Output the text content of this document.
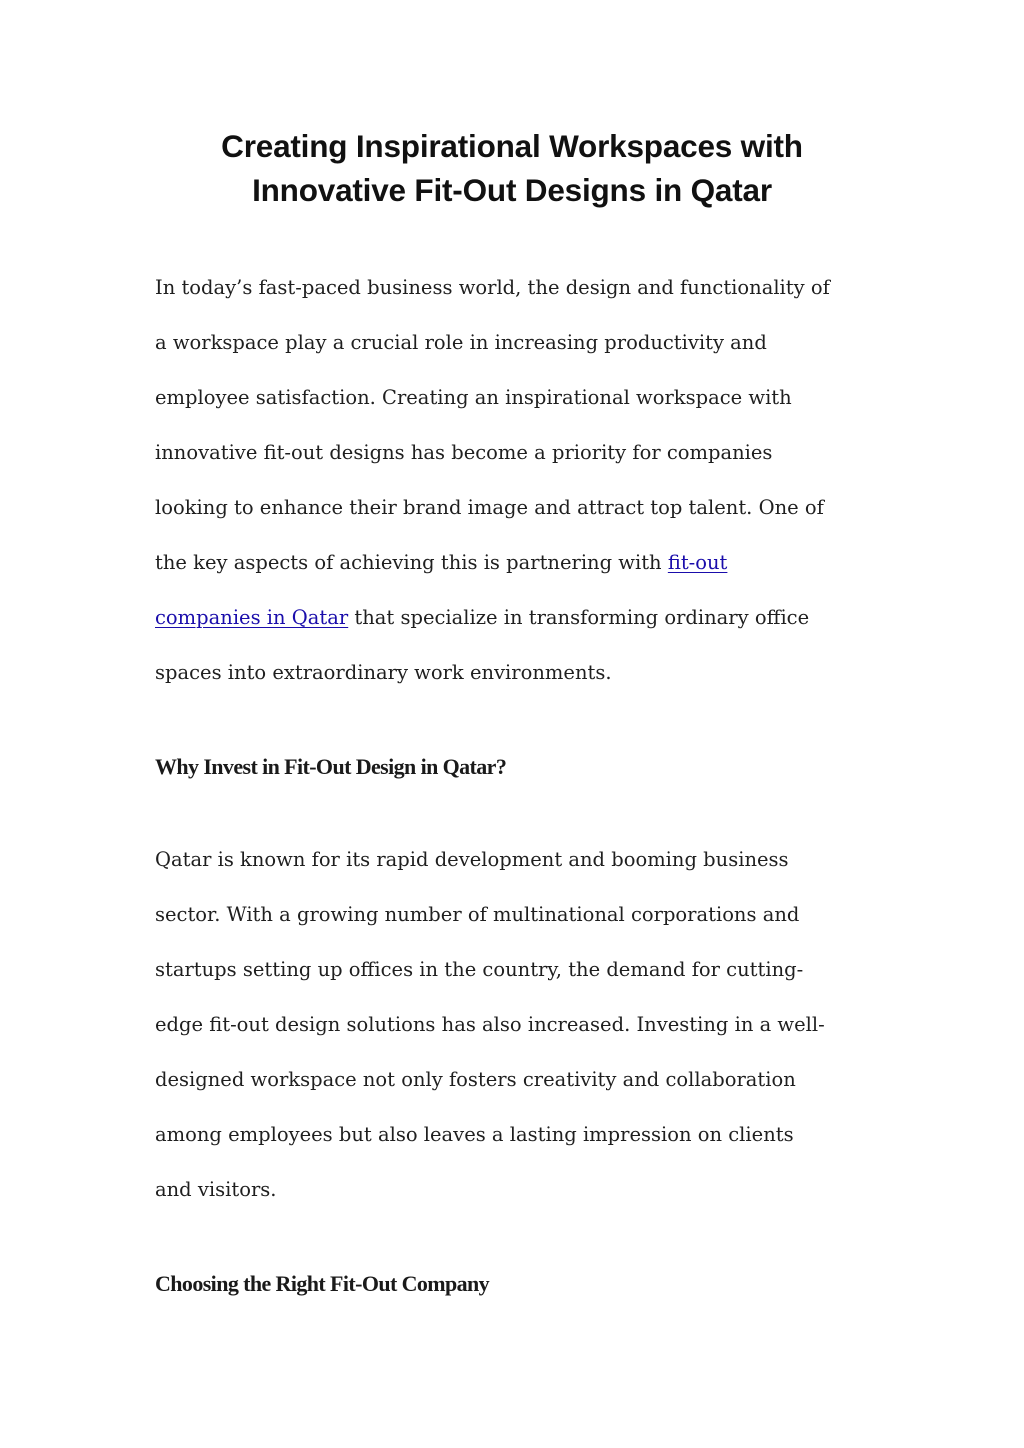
Creating Inspirational Workspaces with
Innovative Fit-Out Designs in Qatar

In today’s fast-paced business world, the design and functionality of
a workspace play a crucial role in increasing productivity and
employee satisfaction. Creating an inspirational workspace with
innovative fit-out designs has become a priority for companies
looking to enhance their brand image and attract top talent. One of
the key aspects of achieving this is partnering with fit-out
companies in Qatar that specialize in transforming ordinary office
spaces into extraordinary work environments.

Why Invest in Fit-Out Design in Qatar?

Qatar is known for its rapid development and booming business
sector. With a growing number of multinational corporations and
startups setting up offices in the country, the demand for cutting-
edge fit-out design solutions has also increased. Investing in a well-
designed workspace not only fosters creativity and collaboration
among employees but also leaves a lasting impression on clients
and visitors.

Choosing the Right Fit-Out Company
